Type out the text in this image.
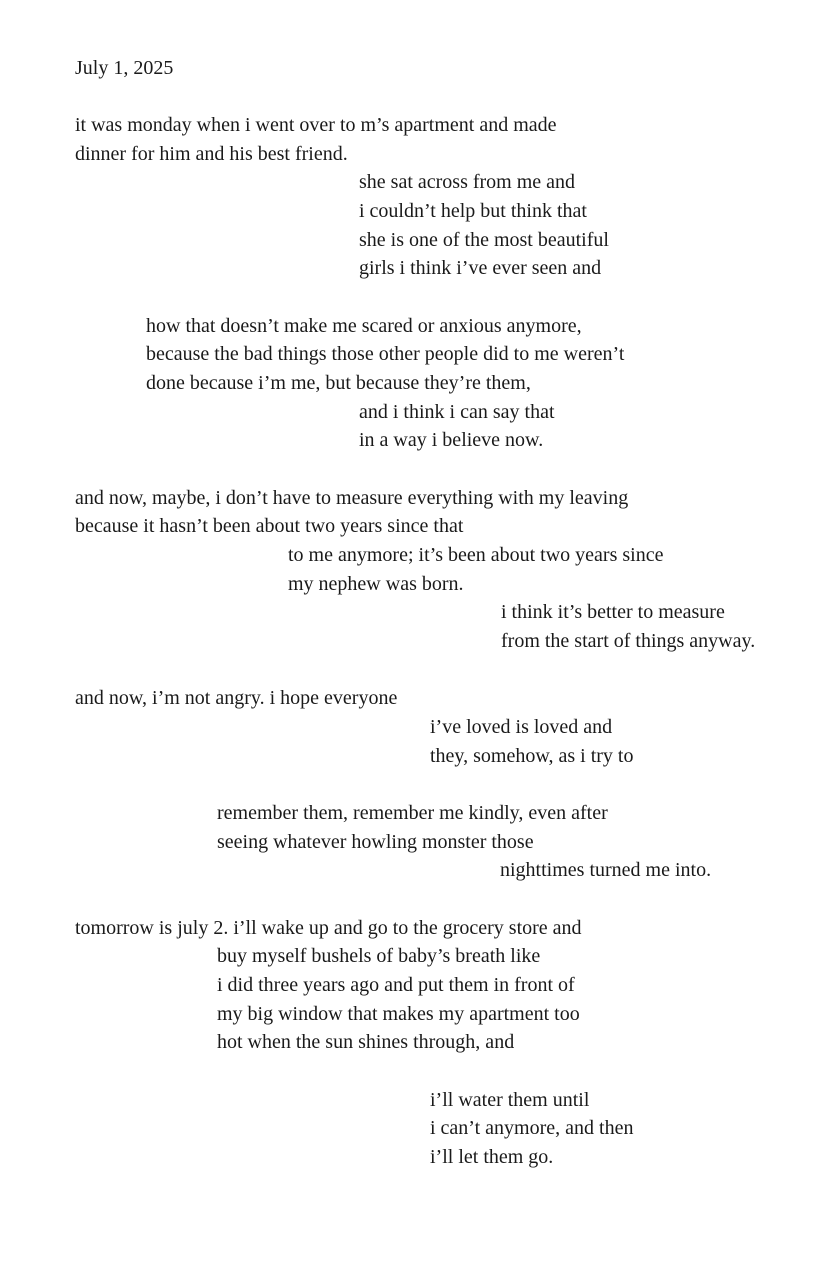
July 1, 2025

it was monday when i went over to m’s apartment and made

dinner for him and his best friend.

she sat across from me and

i couldn’t help but think that

she is one of the most beautiful

girls i think i’ve ever seen and

how that doesn’t make me scared or anxious anymore,

because the bad things those other people did to me weren’t

done because i’m me, but because they’re them,

and i think i can say that

in a way i believe now.

and now, maybe, i don’t have to measure everything with my leaving

because it hasn’t been about two years since that

to me anymore; it’s been about two years since

my nephew was born.

i think it’s better to measure

from the start of things anyway.

and now, i’m not angry. i hope everyone

i’ve loved is loved and

they, somehow, as i try to

remember them, remember me kindly, even after

seeing whatever howling monster those

nighttimes turned me into.

tomorrow is july 2. i’ll wake up and go to the grocery store and

buy myself bushels of baby’s breath like

i did three years ago and put them in front of

my big window that makes my apartment too

hot when the sun shines through, and

i’ll water them until

i can’t anymore, and then

i’ll let them go.
